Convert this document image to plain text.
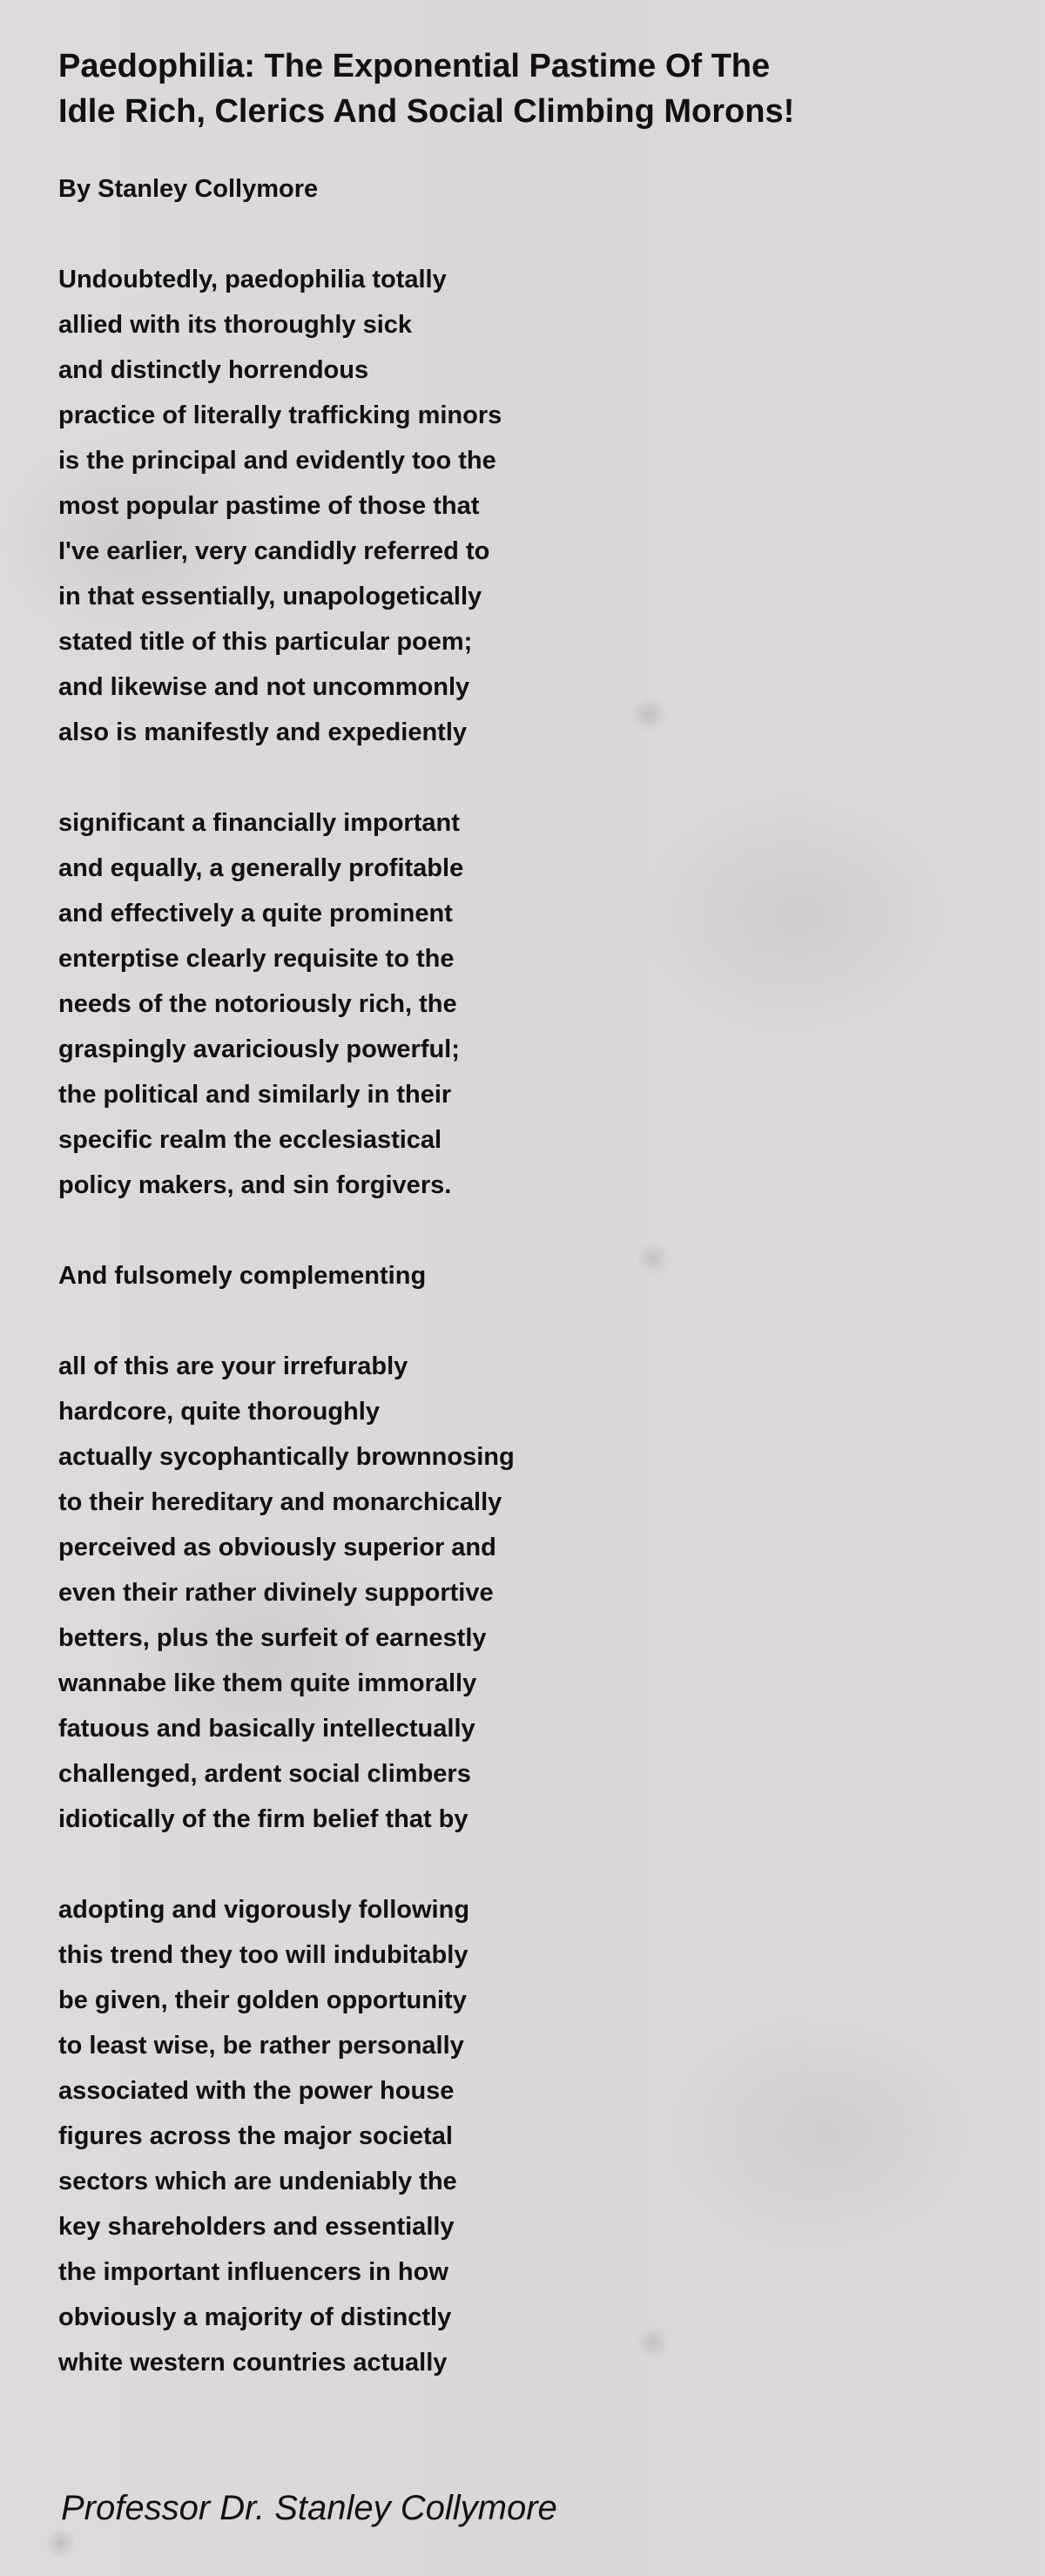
Paedophilia: The Exponential Pastime Of The
Idle Rich, Clerics And Social Climbing Morons!

By Stanley Collymore

Undoubtedly, paedophilia totally
allied with its thoroughly sick
and distinctly horrendous
practice of literally trafficking minors
is the principal and evidently too the
most popular pastime of those that
I've earlier, very candidly referred to
in that essentially, unapologetically
stated title of this particular poem;
and likewise and not uncommonly
also is manifestly and expediently
significant a financially important
and equally, a generally profitable
and effectively a quite prominent
enterptise clearly requisite to the
needs of the notoriously rich, the
graspingly avariciously powerful;
the political and similarly in their
specific realm the ecclesiastical
policy makers, and sin forgivers.
And fulsomely complementing
all of this are your irrefurably
hardcore, quite thoroughly
actually sycophantically brownnosing
to their hereditary and monarchically
perceived as obviously superior and
even their rather divinely supportive
betters, plus the surfeit of earnestly
wannabe like them quite immorally
fatuous and basically intellectually
challenged, ardent social climbers
idiotically of the firm belief that by
adopting and vigorously following
this trend they too will indubitably
be given, their golden opportunity
to least wise, be rather personally
associated with the power house
figures across the major societal
sectors which are undeniably the
key shareholders and essentially
the important influencers in how
obviously a majority of distinctly
white western countries actually
Professor Dr. Stanley Collymore
